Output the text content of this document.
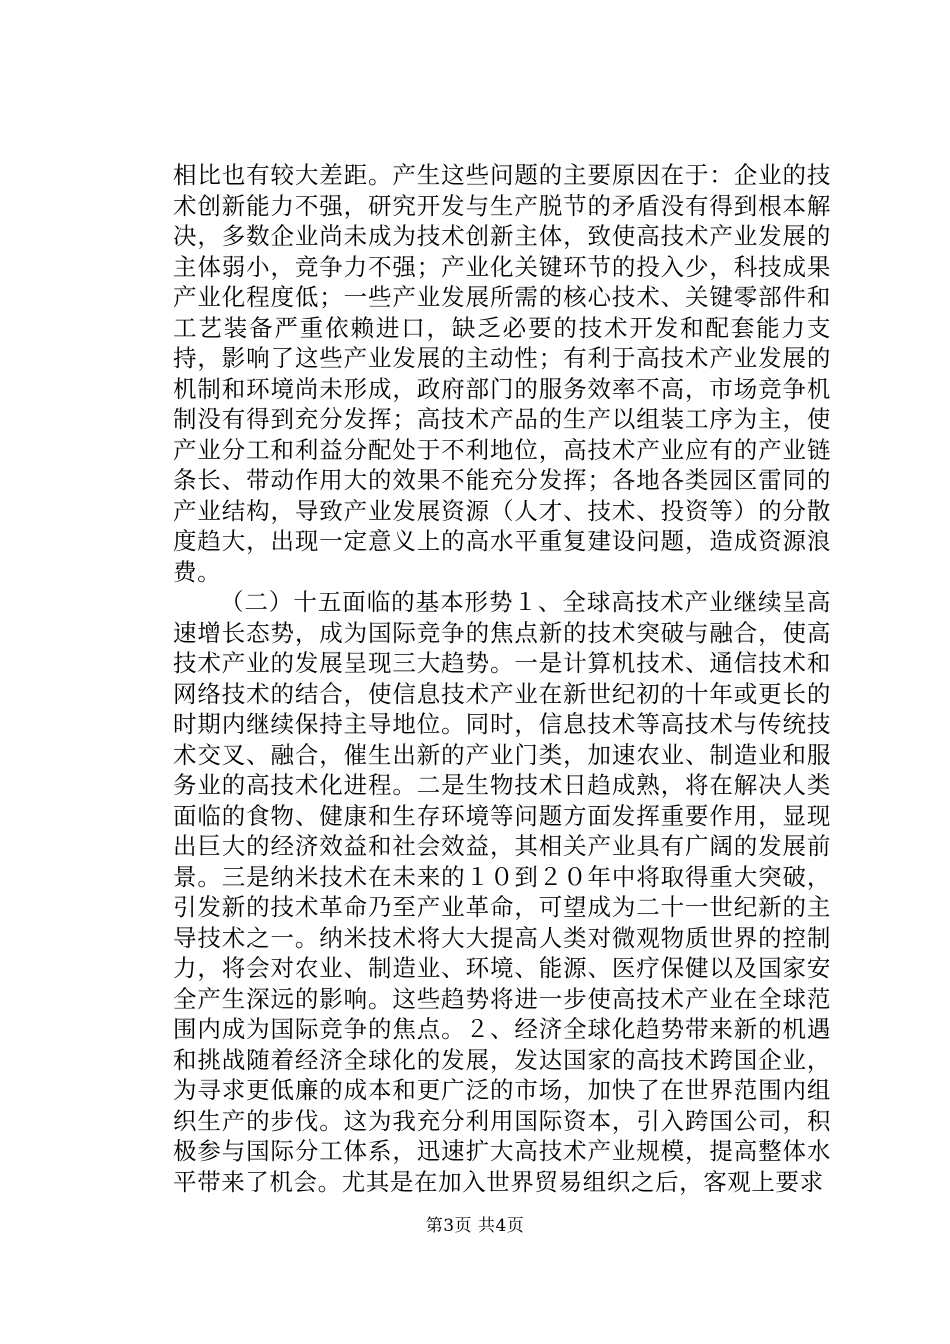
相比也有较大差距。产生这些问题的主要原因在于：企业的技术创新能力不强，研究开发与生产脱节的矛盾没有得到根本解决，多数企业尚未成为技术创新主体，致使高技术产业发展的主体弱小，竞争力不强；产业化关键环节的投入少，科技成果产业化程度低；一些产业发展所需的核心技术、关键零部件和工艺装备严重依赖进口，缺乏必要的技术开发和配套能力支持，影响了这些产业发展的主动性；有利于高技术产业发展的机制和环境尚未形成，政府部门的服务效率不高，市场竞争机制没有得到充分发挥；高技术产品的生产以组装工序为主，使产业分工和利益分配处于不利地位，高技术产业应有的产业链条长、带动作用大的效果不能充分发挥；各地各类园区雷同的产业结构，导致产业发展资源（人才、技术、投资等）的分散度趋大，出现一定意义上的高水平重复建设问题，造成资源浪费。

（二）十五面临的基本形势１、全球高技术产业继续呈高速增长态势，成为国际竞争的焦点新的技术突破与融合，使高技术产业的发展呈现三大趋势。一是计算机技术、通信技术和网络技术的结合，使信息技术产业在新世纪初的十年或更长的时期内继续保持主导地位。同时，信息技术等高技术与传统技术交叉、融合，催生出新的产业门类，加速农业、制造业和服务业的高技术化进程。二是生物技术日趋成熟，将在解决人类面临的食物、健康和生存环境等问题方面发挥重要作用，显现出巨大的经济效益和社会效益，其相关产业具有广阔的发展前景。三是纳米技术在未来的１０到２０年中将取得重大突破，引发新的技术革命乃至产业革命，可望成为二十一世纪新的主导技术之一。纳米技术将大大提高人类对微观物质世界的控制力，将会对农业、制造业、环境、能源、医疗保健以及国家安全产生深远的影响。这些趋势将进一步使高技术产业在全球范围内成为国际竞争的焦点。２、经济全球化趋势带来新的机遇和挑战随着经济全球化的发展，发达国家的高技术跨国企业，为寻求更低廉的成本和更广泛的市场，加快了在世界范围内组织生产的步伐。这为我充分利用国际资本，引入跨国公司，积极参与国际分工体系，迅速扩大高技术产业规模，提高整体水平带来了机会。尤其是在加入世界贸易组织之后，客观上要求

第3页 共4页
